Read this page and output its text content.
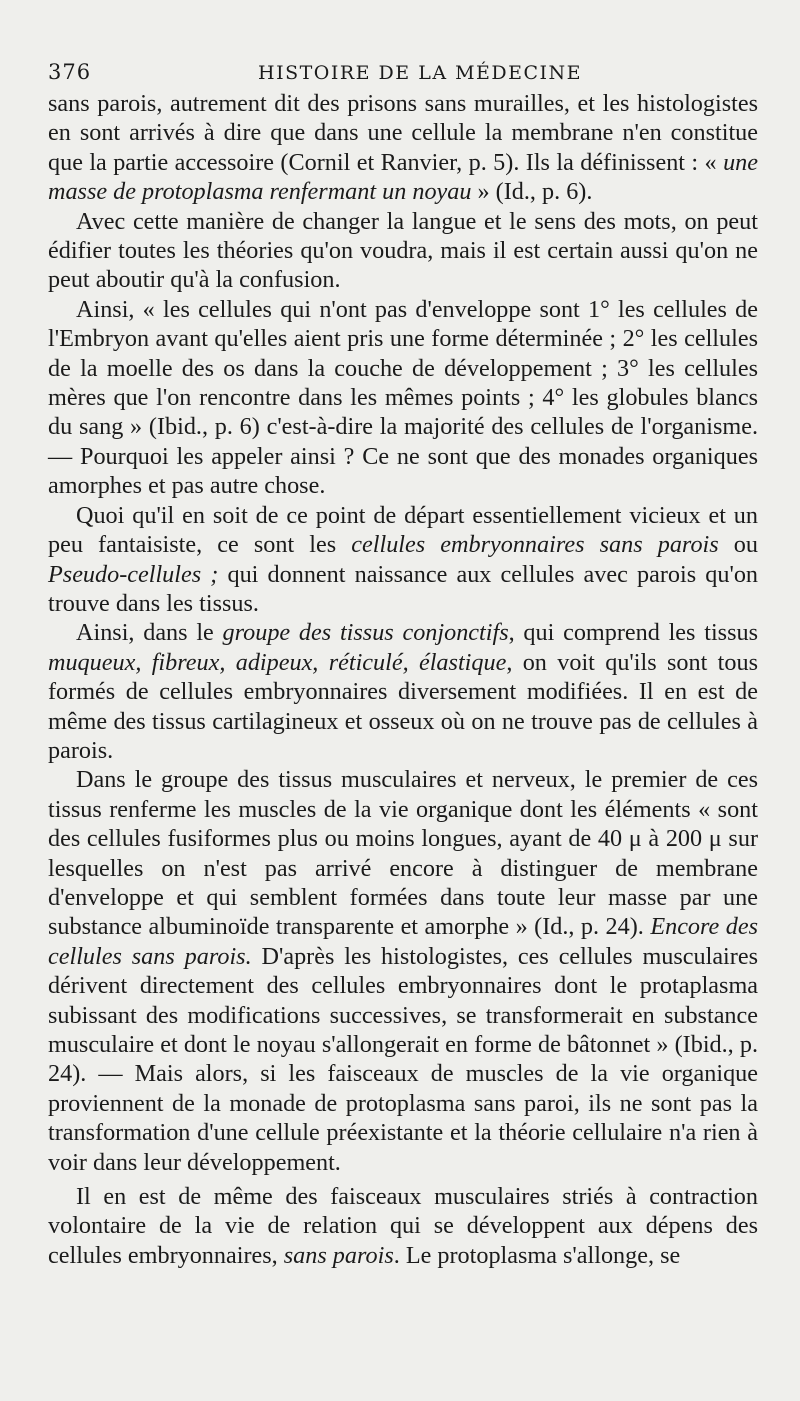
376	HISTOIRE DE LA MÉDECINE

sans parois, autrement dit des prisons sans murailles, et les histologistes en sont arrivés à dire que dans une cellule la membrane n'en constitue que la partie accessoire (Cornil et Ranvier, p. 5). Ils la définissent : « une masse de protoplasma renfermant un noyau » (Id., p. 6).

Avec cette manière de changer la langue et le sens des mots, on peut édifier toutes les théories qu'on voudra, mais il est certain aussi qu'on ne peut aboutir qu'à la confusion.

Ainsi, « les cellules qui n'ont pas d'enveloppe sont 1° les cellules de l'Embryon avant qu'elles aient pris une forme déterminée ; 2° les cellules de la moelle des os dans la couche de développement ; 3° les cellules mères que l'on rencontre dans les mêmes points ; 4° les globules blancs du sang » (Ibid., p. 6) c'est-à-dire la majorité des cellules de l'organisme. — Pourquoi les appeler ainsi ? Ce ne sont que des monades organiques amorphes et pas autre chose.

Quoi qu'il en soit de ce point de départ essentiellement vicieux et un peu fantaisiste, ce sont les cellules embryonnaires sans parois ou Pseudo-cellules ; qui donnent naissance aux cellules avec parois qu'on trouve dans les tissus.

Ainsi, dans le groupe des tissus conjonctifs, qui comprend les tissus muqueux, fibreux, adipeux, réticulé, élastique, on voit qu'ils sont tous formés de cellules embryonnaires diversement modifiées. Il en est de même des tissus cartilagineux et osseux où on ne trouve pas de cellules à parois.

Dans le groupe des tissus musculaires et nerveux, le premier de ces tissus renferme les muscles de la vie organique dont les éléments « sont des cellules fusiformes plus ou moins longues, ayant de 40 μ à 200 μ sur lesquelles on n'est pas arrivé encore à distinguer de membrane d'enveloppe et qui semblent formées dans toute leur masse par une substance albuminoïde transparente et amorphe » (Id., p. 24). Encore des cellules sans parois. D'après les histologistes, ces cellules musculaires dérivent directement des cellules embryonnaires dont le protaplasma subissant des modifications successives, se transformerait en substance musculaire et dont le noyau s'allongerait en forme de bâtonnet » (Ibid., p. 24). — Mais alors, si les faisceaux de muscles de la vie organique proviennent de la monade de protoplasma sans paroi, ils ne sont pas la transformation d'une cellule préexistante et la théorie cellulaire n'a rien à voir dans leur développement.

Il en est de même des faisceaux musculaires striés à contraction volontaire de la vie de relation qui se développent aux dépens des cellules embryonnaires, sans parois. Le protoplasma s'allonge, se
